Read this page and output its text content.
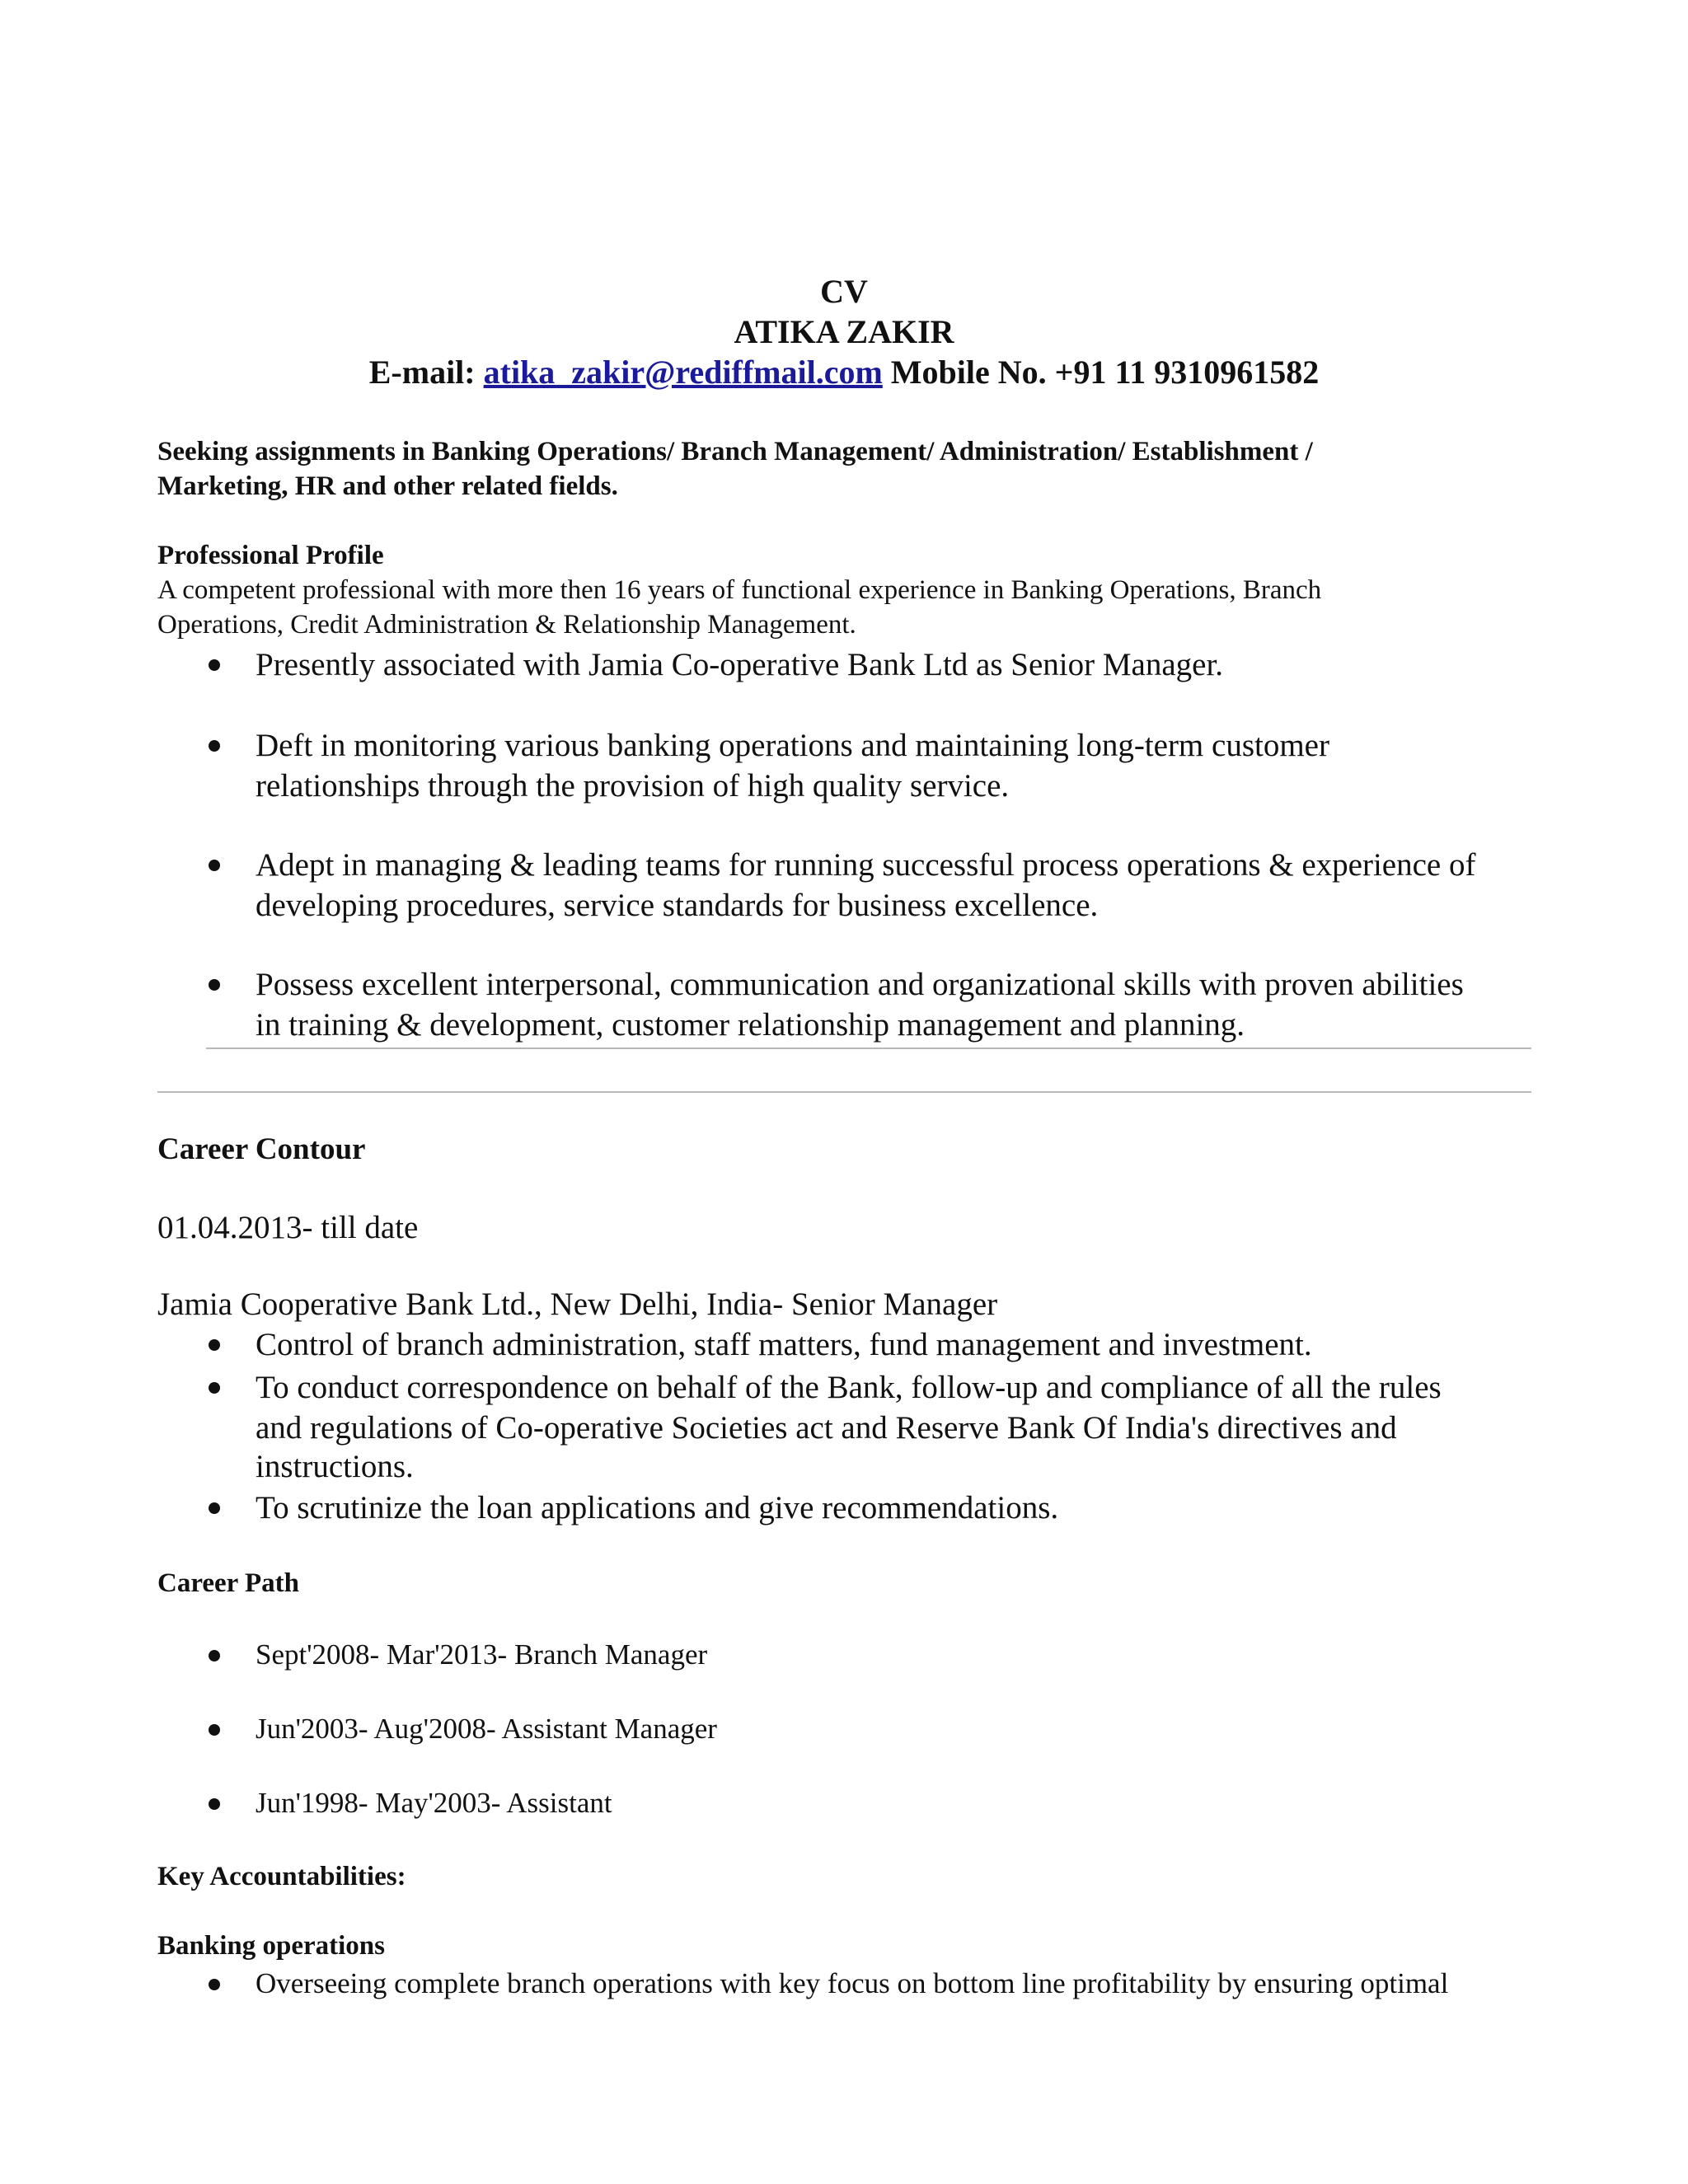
CV
ATIKA ZAKIR
E-mail: atika_zakir@rediffmail.com Mobile No. +91 11 9310961582
Seeking assignments in Banking Operations/ Branch Management/ Administration/ Establishment /
Marketing, HR and other related fields.
Professional Profile
A competent professional with more then 16 years of functional experience in Banking Operations, Branch
Operations, Credit Administration & Relationship Management.
Presently associated with Jamia Co-operative Bank Ltd as Senior Manager.
Deft in monitoring various banking operations and maintaining long-term customer
relationships through the provision of high quality service.
Adept in managing & leading teams for running successful process operations & experience of
developing procedures, service standards for business excellence.
Possess excellent interpersonal, communication and organizational skills with proven abilities
in training & development, customer relationship management and planning.
Career Contour
01.04.2013- till date
Jamia Cooperative Bank Ltd., New Delhi, India- Senior Manager
Control of branch administration, staff matters, fund management and investment.
To conduct correspondence on behalf of the Bank, follow-up and compliance of all the rules
and regulations of Co-operative Societies act and Reserve Bank Of India's directives and
instructions.
To scrutinize the loan applications and give recommendations.
Career Path
Sept'2008- Mar'2013- Branch Manager
Jun'2003- Aug'2008- Assistant Manager
Jun'1998- May'2003- Assistant
Key Accountabilities:
Banking operations
Overseeing complete branch operations with key focus on bottom line profitability by ensuring optimal
